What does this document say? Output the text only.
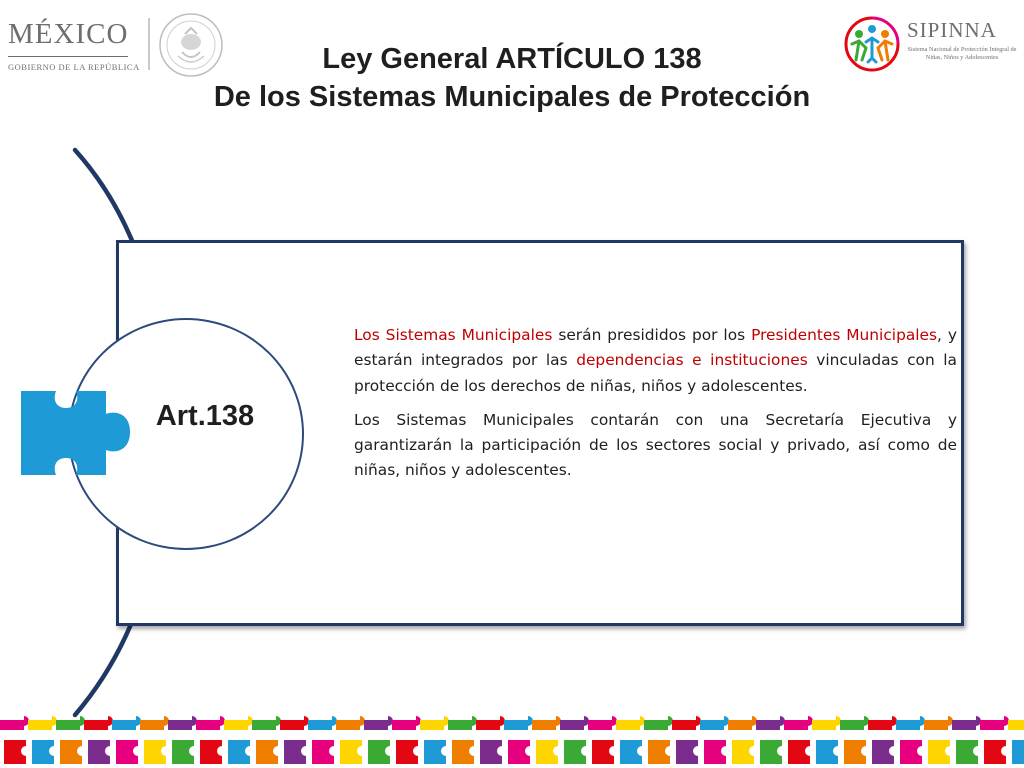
MÉXICO
GOBIERNO DE LA REPÚBLICA
SIPINNA
Sistema Nacional de Protección Integral de Niñas, Niños y Adolescentes
Ley General ARTÍCULO 138
De los Sistemas Municipales de Protección
Art.138

Los Sistemas Municipales serán presididos por los Presidentes Municipales, y estarán integrados por las dependencias e instituciones vinculadas con la protección de los derechos de niñas, niños y adolescentes.

Los Sistemas Municipales contarán con una Secretaría Ejecutiva y garantizarán la participación de los sectores social y privado, así como de niñas, niños y adolescentes.
